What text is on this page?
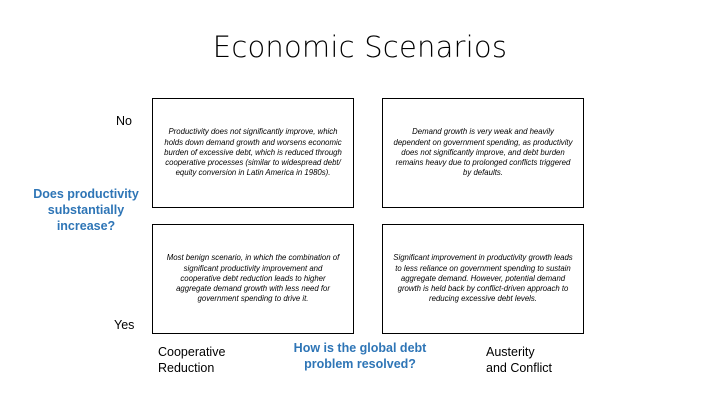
Economic Scenarios
No
Yes
Does productivity substantially increase?
Productivity does not significantly improve, which holds down demand growth and worsens economic burden of excessive debt, which is reduced through cooperative processes (similar to widespread debt/ equity conversion in Latin America in 1980s).
Demand growth is very weak and heavily dependent on government spending, as productivity does not significantly improve, and debt burden remains heavy due to prolonged conflicts triggered by defaults.
Most benign scenario, in which the combination of significant productivity improvement and cooperative debt reduction leads to higher aggregate demand growth with less need for government spending to drive it.
Significant improvement in productivity growth leads to less reliance on government spending to sustain aggregate demand. However, potential demand growth is held back by conflict-driven approach to reducing excessive debt levels.
Cooperative
Reduction
How is the global debt
problem resolved?
Austerity
and Conflict
